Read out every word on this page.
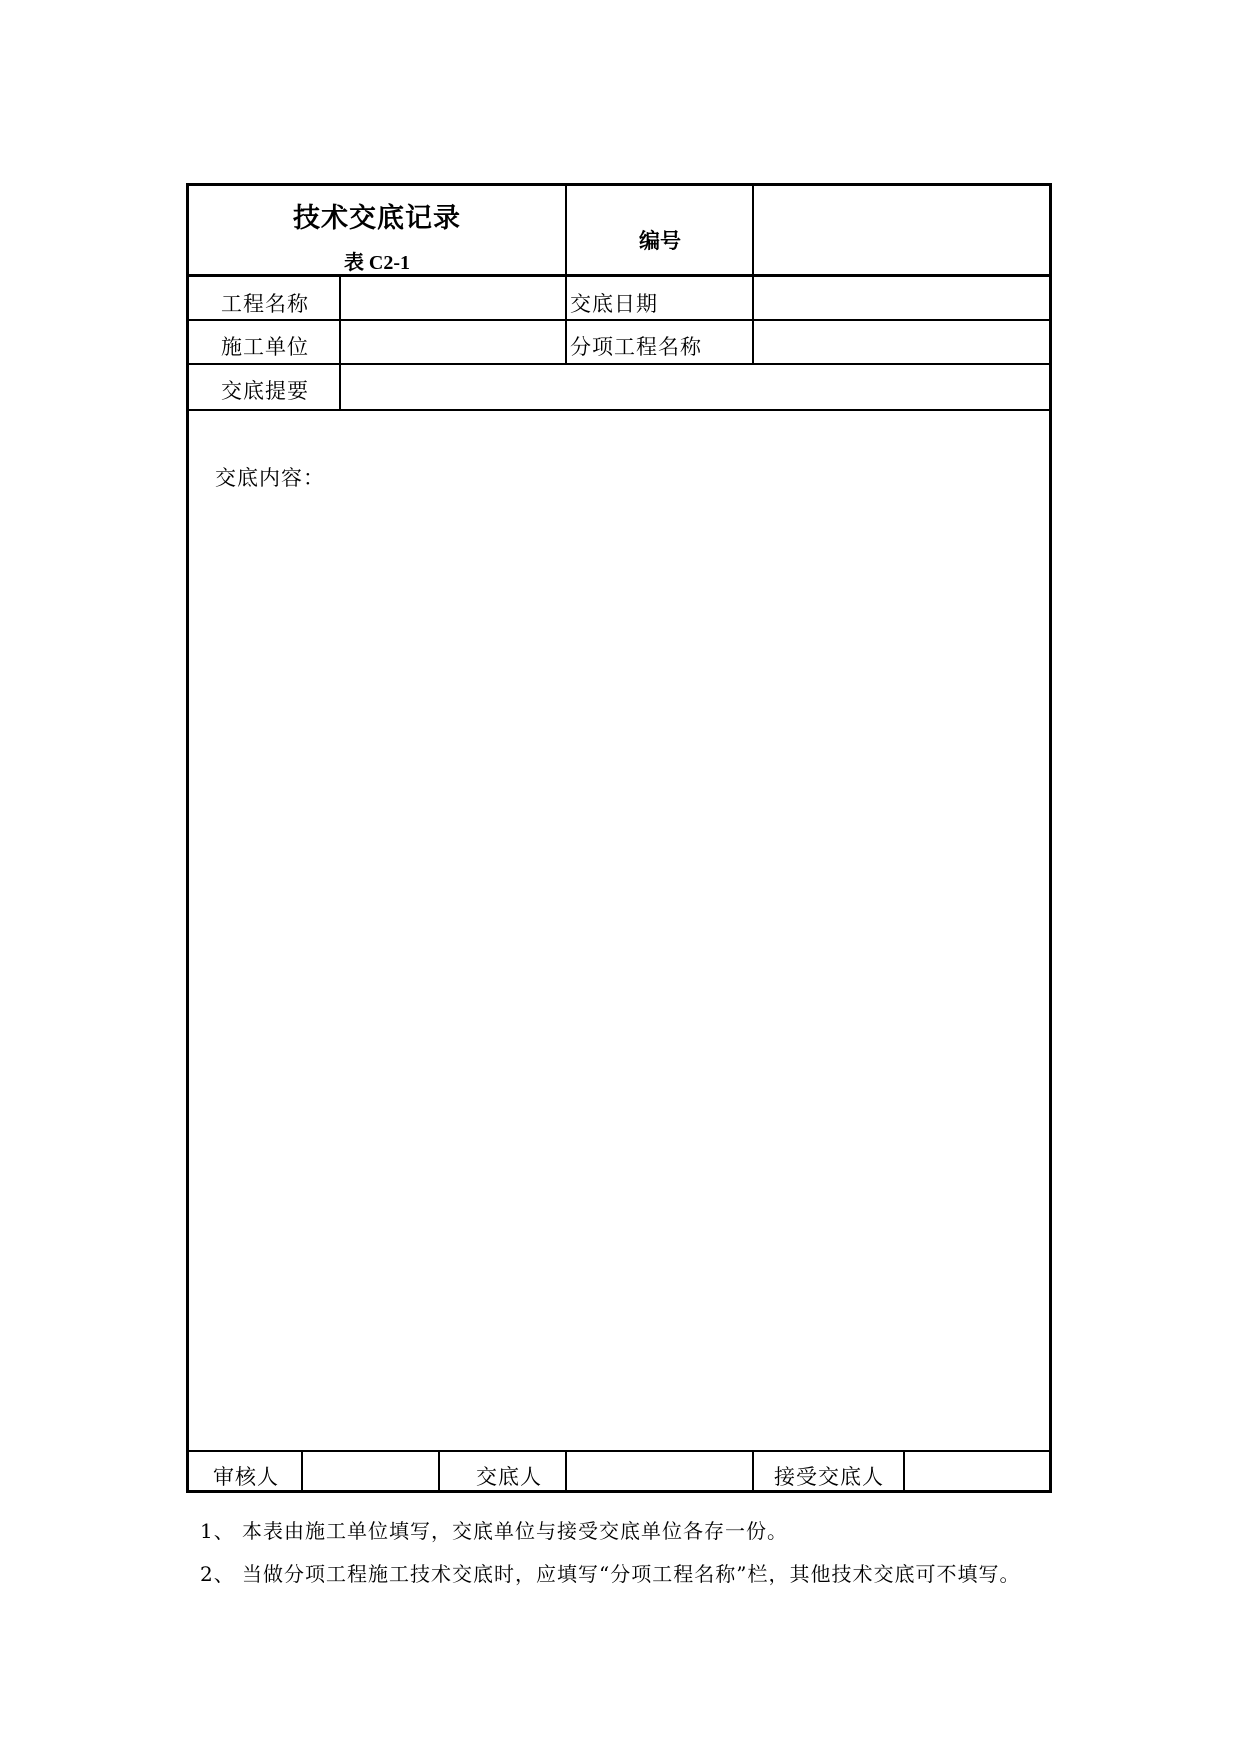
技术交底记录
表 C2-1
编号
工程名称	交底日期
施工单位	分项工程名称
交底提要
交底内容：
审核人	交底人	接受交底人
1、 本表由施工单位填写，交底单位与接受交底单位各存一份。
2、 当做分项工程施工技术交底时，应填写“分项工程名称”栏，其他技术交底可不填写。
